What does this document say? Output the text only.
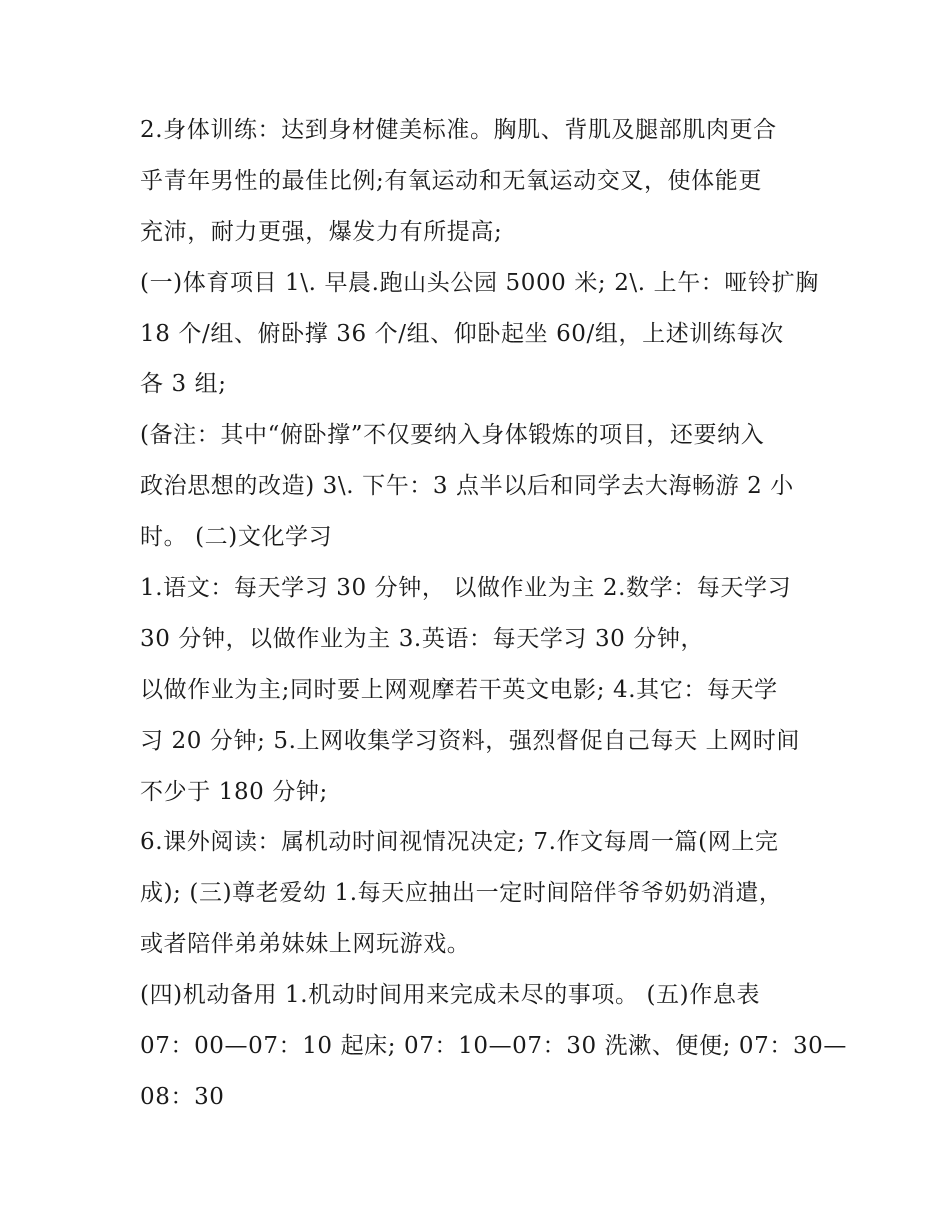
2.身体训练：达到身材健美标准。胸肌、背肌及腿部肌肉更合
乎青年男性的最佳比例;有氧运动和无氧运动交叉，使体能更
充沛，耐力更强，爆发力有所提高;
(一)体育项目 1\. 早晨.跑山头公园 5000 米; 2\. 上午：哑铃扩胸
18 个/组、俯卧撑 36 个/组、仰卧起坐 60/组，上述训练每次
各 3 组;
(备注：其中“俯卧撑”不仅要纳入身体锻炼的项目，还要纳入
政治思想的改造) 3\. 下午：3 点半以后和同学去大海畅游 2 小
时。 (二)文化学习
1.语文：每天学习 30 分钟， 以做作业为主 2.数学：每天学习
30 分钟，以做作业为主 3.英语：每天学习 30 分钟，
以做作业为主;同时要上网观摩若干英文电影; 4.其它：每天学
习 20 分钟; 5.上网收集学习资料，强烈督促自己每天 上网时间
不少于 180 分钟;
6.课外阅读：属机动时间视情况决定; 7.作文每周一篇(网上完
成); (三)尊老爱幼 1.每天应抽出一定时间陪伴爷爷奶奶消遣，
或者陪伴弟弟妹妹上网玩游戏。
(四)机动备用 1.机动时间用来完成未尽的事项。 (五)作息表
07：00—07：10 起床; 07：10—07：30 洗漱、便便; 07：30—
08：30
